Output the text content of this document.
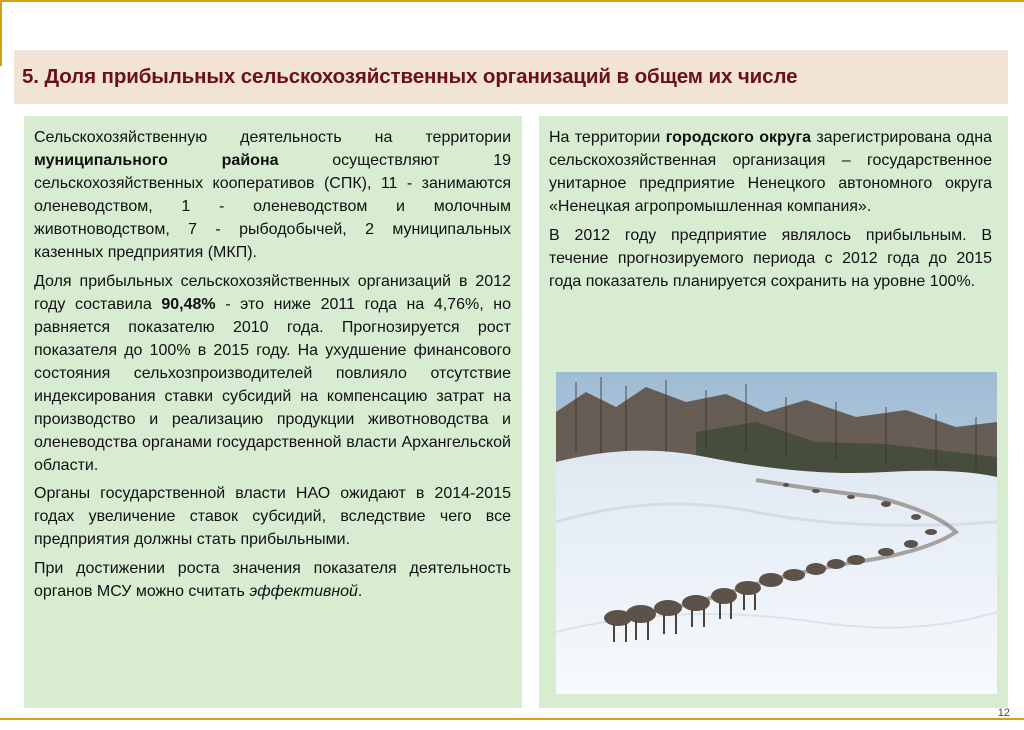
5. Доля прибыльных сельскохозяйственных организаций в общем их числе

Сельскохозяйственную деятельность на территории муниципального района осуществляют 19 сельскохозяйственных кооперативов (СПК), 11 - занимаются оленеводством, 1 - оленеводством и молочным животноводством, 7 - рыбодобычей, 2 муниципальных казенных предприятия (МКП).

Доля прибыльных сельскохозяйственных организаций в 2012 году составила 90,48% - это ниже 2011 года на 4,76%, но равняется показателю 2010 года. Прогнозируется рост показателя до 100% в 2015 году. На ухудшение финансового состояния сельхозпроизводителей повлияло отсутствие индексирования ставки субсидий на компенсацию затрат на производство и реализацию продукции животноводства и оленеводства органами государственной власти Архангельской области.

Органы государственной власти НАО ожидают в 2014-2015 годах увеличение ставок субсидий, вследствие чего все предприятия должны стать прибыльными.

При достижении роста значения показателя деятельность органов МСУ можно считать эффективной.

На территории городского округа зарегистрирована одна сельскохозяйственная организация – государственное унитарное предприятие Ненецкого автономного округа «Ненецкая агропромышленная компания».

В 2012 году предприятие являлось прибыльным. В течение прогнозируемого периода с 2012 года до 2015 года показатель планируется сохранить на уровне 100%.

12
